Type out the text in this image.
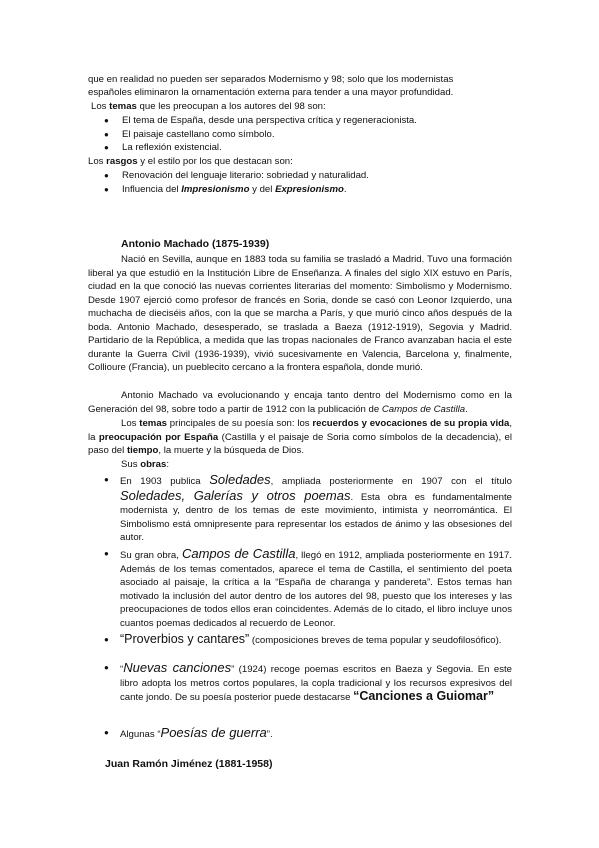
que en realidad no pueden ser separados Modernismo y 98; solo que los modernistas

españoles eliminaron la ornamentación externa para tender a una mayor profundidad.

Los temas que les preocupan a los autores del 98 son:

● El tema de España, desde una perspectiva crítica y regeneracionista.

● El paisaje castellano como símbolo.

● La reflexión existencial.

Los rasgos y el estilo por los que destacan son:

● Renovación del lenguaje literario: sobriedad y naturalidad.

● Influencia del Impresionismo y del Expresionismo.

Antonio Machado (1875-1939)

Nació en Sevilla, aunque en 1883 toda su familia se trasladó a Madrid. Tuvo una formación liberal ya que estudió en la Institución Libre de Enseñanza. A finales del siglo XIX estuvo en París, ciudad en la que conoció las nuevas corrientes literarias del momento: Simbolismo y Modernismo. Desde 1907 ejerció como profesor de francés en Soria, donde se casó con Leonor Izquierdo, una muchacha de dieciséis años, con la que se marcha a París, y que murió cinco años después de la boda. Antonio Machado, desesperado, se traslada a Baeza (1912-1919), Segovia y Madrid. Partidario de la República, a medida que las tropas nacionales de Franco avanzaban hacia el este durante la Guerra Civil (1936-1939), vivió sucesivamente en Valencia, Barcelona y, finalmente, Collioure (Francia), un pueblecito cercano a la frontera española, donde murió.

Antonio Machado va evolucionando y encaja tanto dentro del Modernismo como en la Generación del 98, sobre todo a partir de 1912 con la publicación de Campos de Castilla.

Los temas principales de su poesía son: los recuerdos y evocaciones de su propia vida, la preocupación por España (Castilla y el paisaje de Soria como símbolos de la decadencia), el paso del tiempo, la muerte y la búsqueda de Dios.

Sus obras:

● En 1903 publica Soledades, ampliada posteriormente en 1907 con el título Soledades, Galerías y otros poemas. Esta obra es fundamentalmente modernista y, dentro de los temas de este movimiento, intimista y neorromántica. El Simbolismo está omnipresente para representar los estados de ánimo y las obsesiones del autor.

● Su gran obra, Campos de Castilla, llegó en 1912, ampliada posteriormente en 1917. Además de los temas comentados, aparece el tema de Castilla, el sentimiento del poeta asociado al paisaje, la crítica a la “España de charanga y pandereta”. Estos temas han motivado la inclusión del autor dentro de los autores del 98, puesto que los intereses y las preocupaciones de todos ellos eran coincidentes. Además de lo citado, el libro incluye unos cuantos poemas dedicados al recuerdo de Leonor.

● “Proverbios y cantares” (composiciones breves de tema popular y seudofilosófico).

● “Nuevas canciones” (1924) recoge poemas escritos en Baeza y Segovia. En este libro adopta los metros cortos populares, la copla tradicional y los recursos expresivos del cante jondo. De su poesía posterior puede destacarse “Canciones a Guiomar”

● Algunas “Poesías de guerra”.

Juan Ramón Jiménez (1881-1958)
